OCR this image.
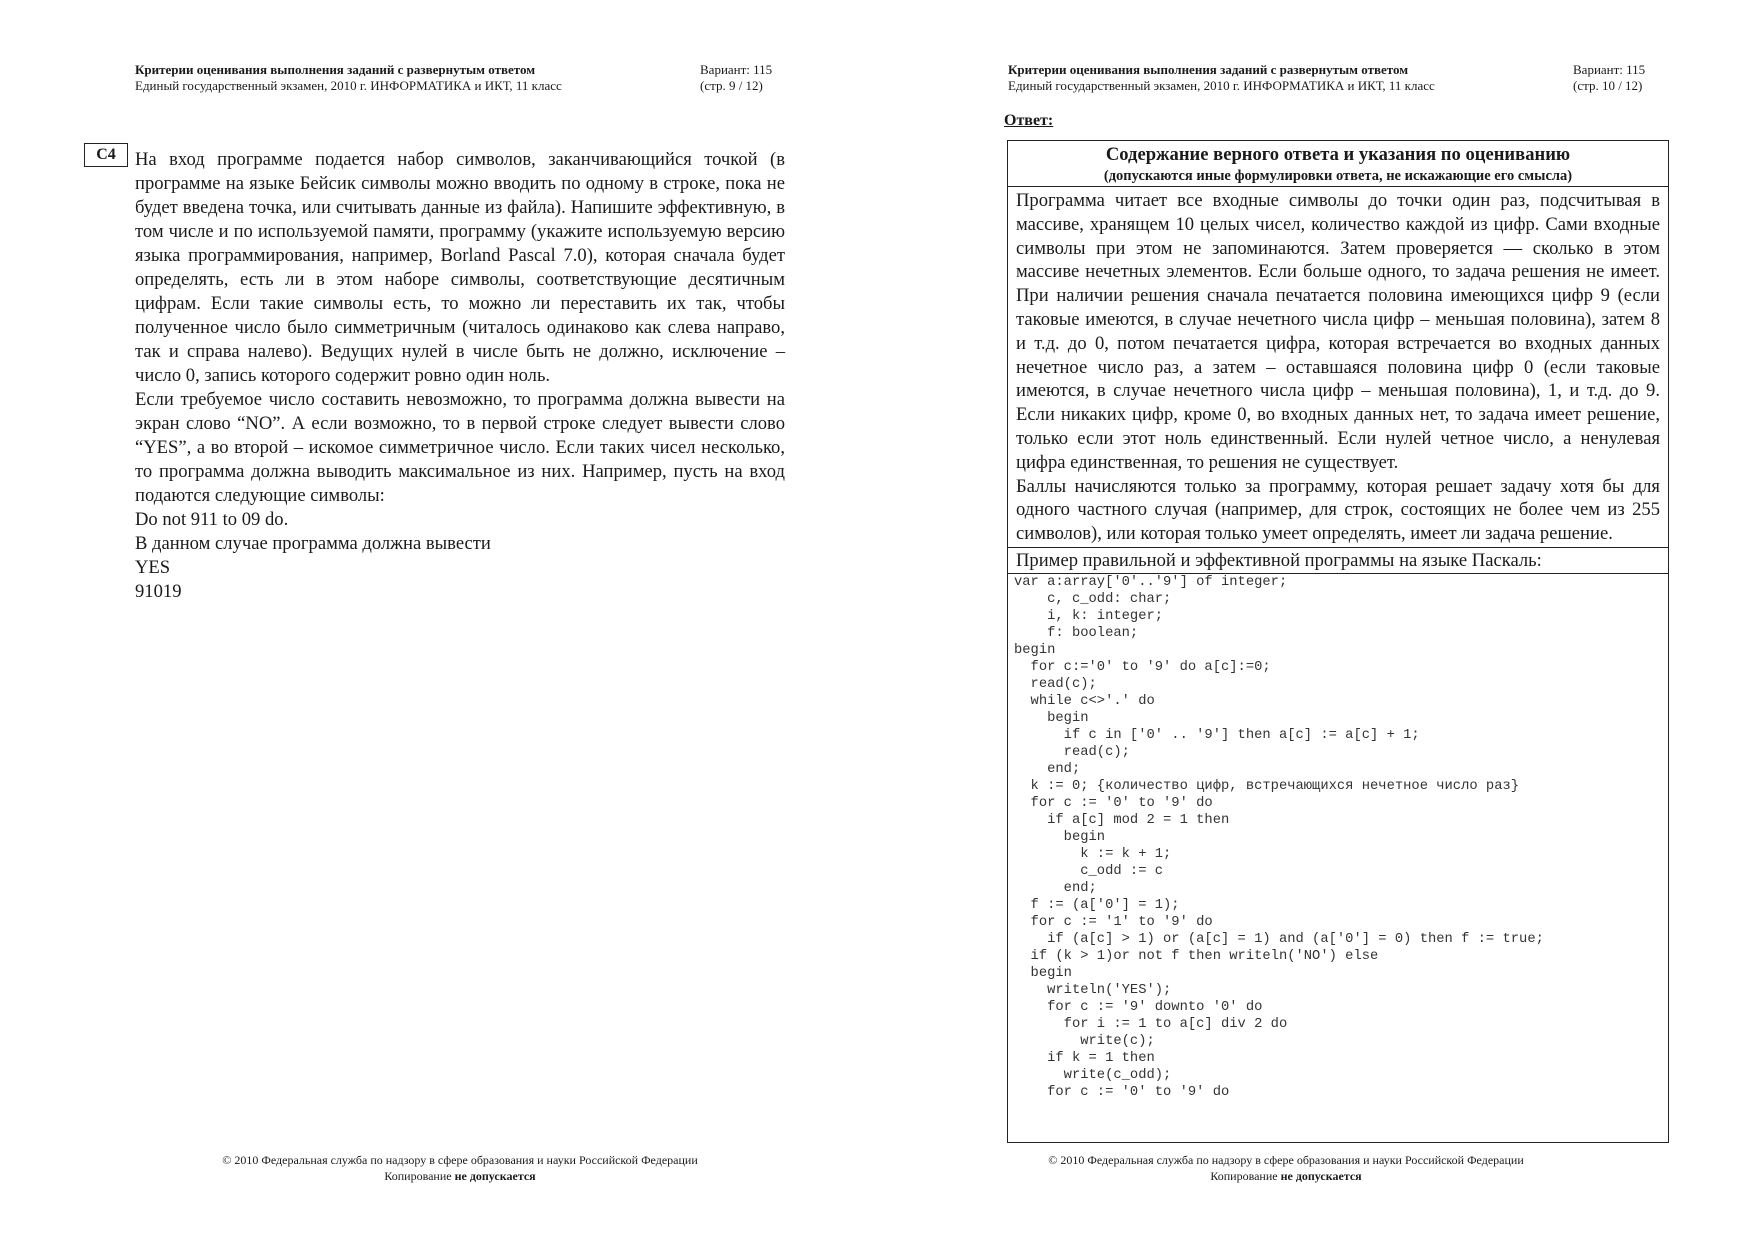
Критерии оценивания выполнения заданий с развернутым ответом
Единый государственный экзамен, 2010 г. ИНФОРМАТИКА и ИКТ, 11 класс
Вариант: 115
(стр. 9 / 12)
С4	На вход программе подается набор символов, заканчивающийся точкой (в программе на языке Бейсик символы можно вводить по одному в строке, пока не будет введена точка, или считывать данные из файла). Напишите эффективную, в том числе и по используемой памяти, программу (укажите используемую версию языка программирования, например, Borland Pascal 7.0), которая сначала будет определять, есть ли в этом наборе символы, соответствующие десятичным цифрам. Если такие символы есть, то можно ли переставить их так, чтобы полученное число было симметричным (читалось одинаково как слева направо, так и справа налево). Ведущих нулей в числе быть не должно, исключение – число 0, запись которого содержит ровно один ноль.

Если требуемое число составить невозможно, то программа должна вывести на экран слово “NO”. А если возможно, то в первой строке следует вывести слово “YES”, а во второй – искомое симметричное число. Если таких чисел несколько, то программа должна выводить максимальное из них. Например, пусть на вход подаются следующие символы:

Do not 911 to 09 do.

В данном случае программа должна вывести

YES

91019

© 2010 Федеральная служба по надзору в сфере образования и науки Российской Федерации
Копирование не допускается
Критерии оценивания выполнения заданий с развернутым ответом
Единый государственный экзамен, 2010 г. ИНФОРМАТИКА и ИКТ, 11 класс
Вариант: 115
(стр. 10 / 12)
© 2010 Федеральная служба по надзору в сфере образования и науки Российской Федерации
Копирование не допускается
Ответ:
Содержание верного ответа и указания по оцениванию
(допускаются иные формулировки ответа, не искажающие его смысла)

Программа читает все входные символы до точки один раз, подсчитывая в массиве, хранящем 10 целых чисел, количество каждой из цифр. Сами входные символы при этом не запоминаются. Затем проверяется — сколько в этом массиве нечетных элементов. Если больше одного, то задача решения не имеет. При наличии решения сначала печатается половина имеющихся цифр 9 (если таковые имеются, в случае нечетного числа цифр – меньшая половина), затем 8 и т.д. до 0, потом печатается цифра, которая встречается во входных данных нечетное число раз, а затем – оставшаяся половина цифр 0 (если таковые имеются, в случае нечетного числа цифр – меньшая половина), 1, и т.д. до 9. Если никаких цифр, кроме 0, во входных данных нет, то задача имеет решение, только если этот ноль единственный. Если нулей четное число, а ненулевая цифра единственная, то решения не существует.

Баллы начисляются только за программу, которая решает задачу хотя бы для одного частного случая (например, для строк, состоящих не более чем из 255 символов), или которая только умеет определять, имеет ли задача решение.

Пример правильной и эффективной программы на языке Паскаль:
var a:array['0'..'9'] of integer;
c, c_odd: char;
i, k: integer;
f: boolean;
begin
for c:='0' to '9' do a[c]:=0;
read(c);
while c<>'.' do
begin
if c in ['0' .. '9'] then a[c] := a[c] + 1;
read(c);
end;
k := 0; {количество цифр, встречающихся нечетное число раз}
for c := '0' to '9' do
if a[c] mod 2 = 1 then
begin
k := k + 1;
c_odd := c
end;
f := (a['0'] = 1);
for c := '1' to '9' do
if (a[c] > 1) or (a[c] = 1) and (a['0'] = 0) then f := true;
if (k > 1)or not f then writeln('NO') else
begin
writeln('YES');
for c := '9' downto '0' do
for i := 1 to a[c] div 2 do
write(c);
if k = 1 then
write(c_odd);
for c := '0' to '9' do
